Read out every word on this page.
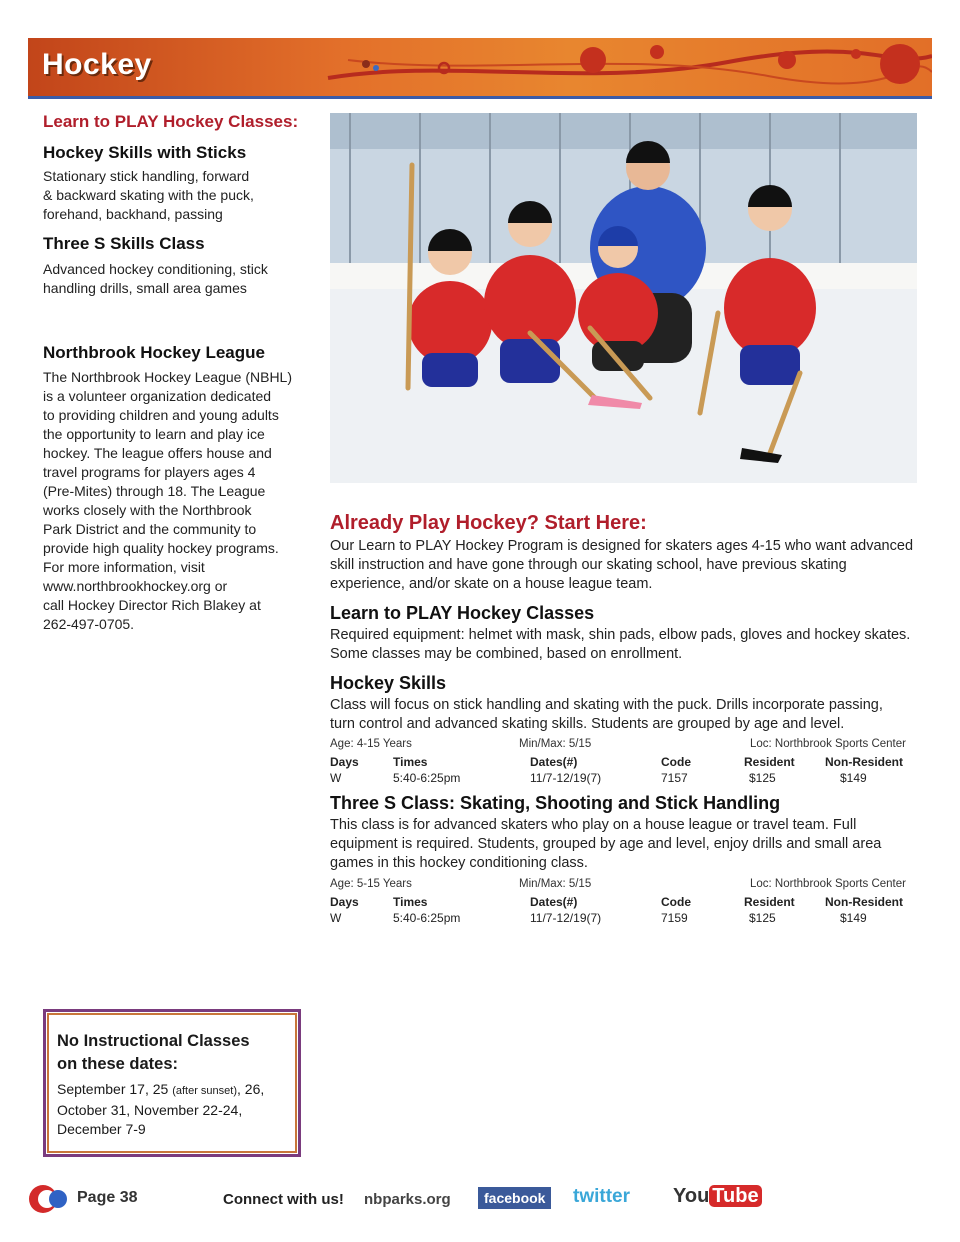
Hockey
Learn to PLAY Hockey Classes:
Hockey Skills with Sticks

Stationary stick handling, forward

& backward skating with the puck,

forehand, backhand, passing

Three S Skills Class

Advanced hockey conditioning, stick

handling drills, small area games

Northbrook Hockey League

The Northbrook Hockey League (NBHL)

is a volunteer organization dedicated

to providing children and young adults

the opportunity to learn and play ice

hockey. The league offers house and

travel programs for players ages 4

(Pre-Mites) through 18. The League

works closely with the Northbrook

Park District and the community to

provide high quality hockey programs.

For more information, visit

www.northbrookhockey.org or

call Hockey Director Rich Blakey at

262-497-0705.

Already Play Hockey? Start Here:

Our Learn to PLAY Hockey Program is designed for skaters ages 4-15 who want advanced

skill instruction and have gone through our skating school, have previous skating

experience, and/or skate on a house league team.

Learn to PLAY Hockey Classes

Required equipment: helmet with mask, shin pads, elbow pads, gloves and hockey skates.

Some classes may be combined, based on enrollment.

Hockey Skills

Class will focus on stick handling and skating with the puck. Drills incorporate passing,

turn control and advanced skating skills. Students are grouped by age and level.

Age: 4-15 Years	Min/Max: 5/15	Loc: Northbrook Sports Center
Days	Times	Dates(#)	Code	Resident	Non-Resident
W	5:40-6:25pm	11/7-12/19(7)	7157	$125	$149
Three S Class: Skating, Shooting and Stick Handling

This class is for advanced skaters who play on a house league or travel team. Full

equipment is required. Students, grouped by age and level, enjoy drills and small area

games in this hockey conditioning class.

Age: 5-15 Years	Min/Max: 5/15	Loc: Northbrook Sports Center
Days	Times	Dates(#)	Code	Resident	Non-Resident
W	5:40-6:25pm	11/7-12/19(7)	7159	$125	$149
No Instructional Classes
on these dates:
September 17, 25 (after sunset), 26,
October 31, November 22-24,
December 7-9
Page 38	Connect with us! nbparks.org	facebook	twitter You Tube
